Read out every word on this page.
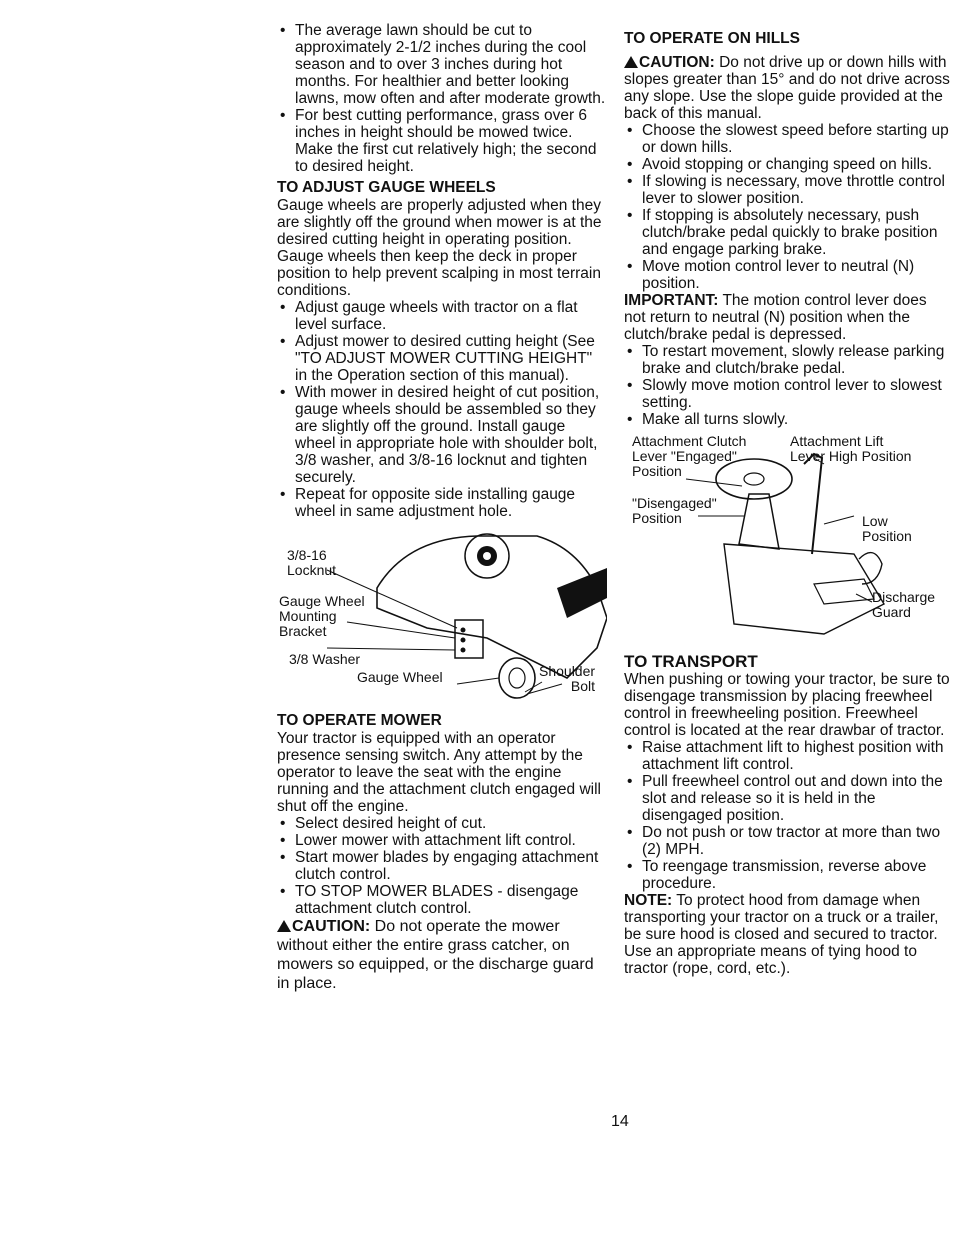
• The average lawn should be cut to approximately 2-1/2 inches during the cool season and to over 3 inches during hot months. For healthier and better looking lawns, mow often and after moderate growth.

• For best cutting performance, grass over 6 inches in height should be mowed twice. Make the first cut relatively high; the second to desired height.

TO ADJUST GAUGE WHEELS

Gauge wheels are properly adjusted when they are slightly off the ground when mower is at the desired cutting height in operating position. Gauge wheels then keep the deck in proper position to help prevent scalping in most terrain conditions.

• Adjust gauge wheels with tractor on a flat level surface.

• Adjust mower to desired cutting height (See "TO ADJUST MOWER CUTTING HEIGHT" in the Operation section of this manual).

• With mower in desired height of cut position, gauge wheels should be assembled so they are slightly off the ground. Install gauge wheel in appropriate hole with shoulder bolt, 3/8 washer, and 3/8-16 locknut and tighten securely.

• Repeat for opposite side installing gauge wheel in same adjustment hole.

3/8-16
Locknut
Gauge Wheel
Mounting
Bracket
3/8 Washer
Gauge Wheel	Shoulder
Bolt
TO OPERATE MOWER

Your tractor is equipped with an operator presence sensing switch. Any attempt by the operator to leave the seat with the engine running and the attachment clutch engaged will shut off the engine.

• Select desired height of cut.

• Lower mower with attachment lift control.

• Start mower blades by engaging attachment clutch control.

• TO STOP MOWER BLADES - disengage attachment clutch control.

CAUTION: Do not operate the mower without either the entire grass catcher, on mowers so equipped, or the discharge guard in place.

TO OPERATE ON HILLS

CAUTION: Do not drive up or down hills with slopes greater than 15° and do not drive across any slope. Use the slope guide provided at the back of this manual.

• Choose the slowest speed before starting up or down hills.

• Avoid stopping or changing speed on hills.

• If slowing is necessary, move throttle control lever to slower position.

• If stopping is absolutely necessary, push clutch/brake pedal quickly to brake position and engage parking brake.

• Move motion control lever to neutral (N) position.

IMPORTANT: The motion control lever does not return to neutral (N) position when the clutch/brake pedal is depressed.

• To restart movement, slowly release parking brake and clutch/brake pedal.

• Slowly move motion control lever to slowest setting.

• Make all turns slowly.

Attachment Clutch
Lever "Engaged"
Position
"Disengaged"
Position
Attachment Lift
Lever High Position
Low
Position
Discharge
Guard
TO TRANSPORT

When pushing or towing your tractor, be sure to disengage transmission by placing freewheel control in freewheeling position. Freewheel control is located at the rear drawbar of tractor.

• Raise attachment lift to highest position with attachment lift control.

• Pull freewheel control out and down into the slot and release so it is held in the disengaged position.

• Do not push or tow tractor at more than two (2) MPH.

• To reengage transmission, reverse above procedure.

NOTE: To protect hood from damage when transporting your tractor on a truck or a trailer, be sure hood is closed and secured to tractor. Use an appropriate means of tying hood to tractor (rope, cord, etc.).

14
